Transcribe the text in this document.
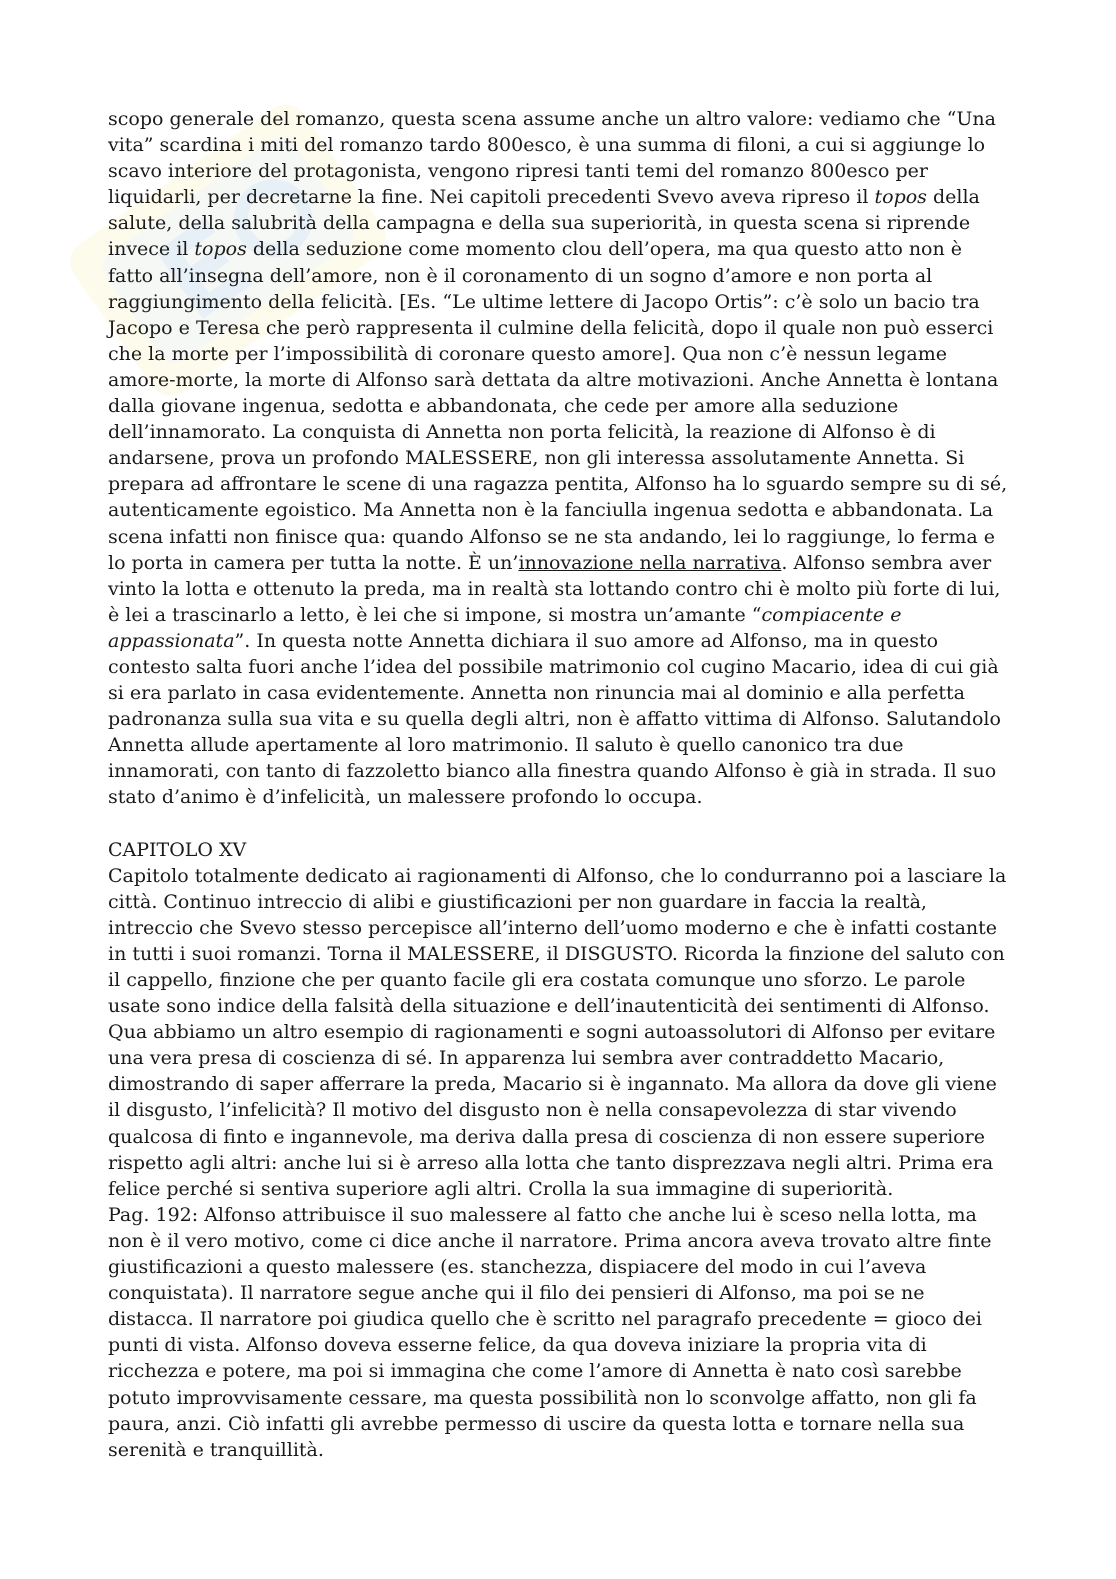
scopo generale del romanzo, questa scena assume anche un altro valore: vediamo che “Una vita” scardina i miti del romanzo tardo 800esco, è una summa di filoni, a cui si aggiunge lo scavo interiore del protagonista, vengono ripresi tanti temi del romanzo 800esco per liquidarli, per decretarne la fine. Nei capitoli precedenti Svevo aveva ripreso il topos della salute, della salubrità della campagna e della sua superiorità, in questa scena si riprende invece il topos della seduzione come momento clou dell’opera, ma qua questo atto non è fatto all’insegna dell’amore, non è il coronamento di un sogno d’amore e non porta al raggiungimento della felicità. [Es. “Le ultime lettere di Jacopo Ortis”: c’è solo un bacio tra Jacopo e Teresa che però rappresenta il culmine della felicità, dopo il quale non può esserci che la morte per l’impossibilità di coronare questo amore]. Qua non c’è nessun legame amore-morte, la morte di Alfonso sarà dettata da altre motivazioni. Anche Annetta è lontana dalla giovane ingenua, sedotta e abbandonata, che cede per amore alla seduzione dell’innamorato. La conquista di Annetta non porta felicità, la reazione di Alfonso è di andarsene, prova un profondo MALESSERE, non gli interessa assolutamente Annetta. Si prepara ad affrontare le scene di una ragazza pentita, Alfonso ha lo sguardo sempre su di sé, autenticamente egoistico. Ma Annetta non è la fanciulla ingenua sedotta e abbandonata. La scena infatti non finisce qua: quando Alfonso se ne sta andando, lei lo raggiunge, lo ferma e lo porta in camera per tutta la notte. È un’innovazione nella narrativa. Alfonso sembra aver vinto la lotta e ottenuto la preda, ma in realtà sta lottando contro chi è molto più forte di lui, è lei a trascinarlo a letto, è lei che si impone, si mostra un’amante “compiacente e appassionata”. In questa notte Annetta dichiara il suo amore ad Alfonso, ma in questo contesto salta fuori anche l’idea del possibile matrimonio col cugino Macario, idea di cui già si era parlato in casa evidentemente. Annetta non rinuncia mai al dominio e alla perfetta padronanza sulla sua vita e su quella degli altri, non è affatto vittima di Alfonso. Salutandolo Annetta allude apertamente al loro matrimonio. Il saluto è quello canonico tra due innamorati, con tanto di fazzoletto bianco alla finestra quando Alfonso è già in strada. Il suo stato d’animo è d’infelicità, un malessere profondo lo occupa.

CAPITOLO XV

Capitolo totalmente dedicato ai ragionamenti di Alfonso, che lo condurranno poi a lasciare la città. Continuo intreccio di alibi e giustificazioni per non guardare in faccia la realtà, intreccio che Svevo stesso percepisce all’interno dell’uomo moderno e che è infatti costante in tutti i suoi romanzi. Torna il MALESSERE, il DISGUSTO. Ricorda la finzione del saluto con il cappello, finzione che per quanto facile gli era costata comunque uno sforzo. Le parole usate sono indice della falsità della situazione e dell’inautenticità dei sentimenti di Alfonso. Qua abbiamo un altro esempio di ragionamenti e sogni autoassolutori di Alfonso per evitare una vera presa di coscienza di sé. In apparenza lui sembra aver contraddetto Macario, dimostrando di saper afferrare la preda, Macario si è ingannato. Ma allora da dove gli viene il disgusto, l’infelicità? Il motivo del disgusto non è nella consapevolezza di star vivendo qualcosa di finto e ingannevole, ma deriva dalla presa di coscienza di non essere superiore rispetto agli altri: anche lui si è arreso alla lotta che tanto disprezzava negli altri. Prima era felice perché si sentiva superiore agli altri. Crolla la sua immagine di superiorità.

Pag. 192: Alfonso attribuisce il suo malessere al fatto che anche lui è sceso nella lotta, ma non è il vero motivo, come ci dice anche il narratore. Prima ancora aveva trovato altre finte giustificazioni a questo malessere (es. stanchezza, dispiacere del modo in cui l’aveva conquistata). Il narratore segue anche qui il filo dei pensieri di Alfonso, ma poi se ne distacca. Il narratore poi giudica quello che è scritto nel paragrafo precedente = gioco dei punti di vista. Alfonso doveva esserne felice, da qua doveva iniziare la propria vita di ricchezza e potere, ma poi si immagina che come l’amore di Annetta è nato così sarebbe potuto improvvisamente cessare, ma questa possibilità non lo sconvolge affatto, non gli fa paura, anzi. Ciò infatti gli avrebbe permesso di uscire da questa lotta e tornare nella sua serenità e tranquillità.
